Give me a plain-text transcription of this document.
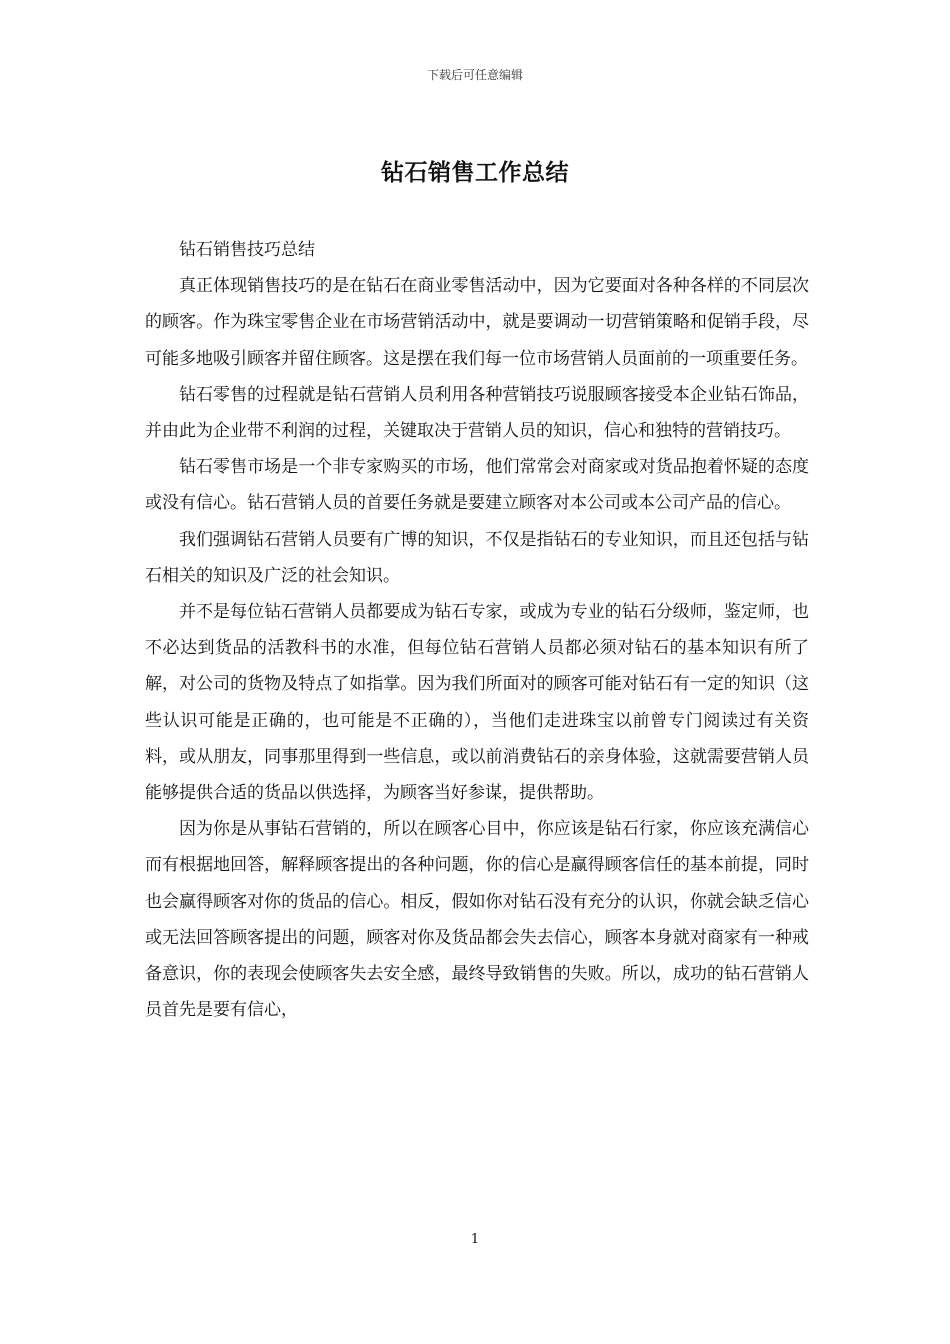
下载后可任意编辑
钻石销售工作总结

钻石销售技巧总结

真正体现销售技巧的是在钻石在商业零售活动中，因为它要面对各种各样的不同层次的顾客。作为珠宝零售企业在市场营销活动中，就是要调动一切营销策略和促销手段，尽可能多地吸引顾客并留住顾客。这是摆在我们每一位市场营销人员面前的一项重要任务。

钻石零售的过程就是钻石营销人员利用各种营销技巧说服顾客接受本企业钻石饰品，并由此为企业带不利润的过程，关键取决于营销人员的知识，信心和独特的营销技巧。

钻石零售市场是一个非专家购买的市场，他们常常会对商家或对货品抱着怀疑的态度或没有信心。钻石营销人员的首要任务就是要建立顾客对本公司或本公司产品的信心。

我们强调钻石营销人员要有广博的知识，不仅是指钻石的专业知识，而且还包括与钻石相关的知识及广泛的社会知识。

并不是每位钻石营销人员都要成为钻石专家，或成为专业的钻石分级师，鉴定师，也不必达到货品的活教科书的水准，但每位钻石营销人员都必须对钻石的基本知识有所了解，对公司的货物及特点了如指掌。因为我们所面对的顾客可能对钻石有一定的知识（这些认识可能是正确的，也可能是不正确的），当他们走进珠宝以前曾专门阅读过有关资料，或从朋友，同事那里得到一些信息，或以前消费钻石的亲身体验，这就需要营销人员能够提供合适的货品以供选择，为顾客当好参谋，提供帮助。

因为你是从事钻石营销的，所以在顾客心目中，你应该是钻石行家，你应该充满信心而有根据地回答，解释顾客提出的各种问题，你的信心是赢得顾客信任的基本前提，同时也会赢得顾客对你的货品的信心。相反，假如你对钻石没有充分的认识，你就会缺乏信心或无法回答顾客提出的问题，顾客对你及货品都会失去信心，顾客本身就对商家有一种戒备意识，你的表现会使顾客失去安全感，最终导致销售的失败。所以，成功的钻石营销人员首先是要有信心，

1
